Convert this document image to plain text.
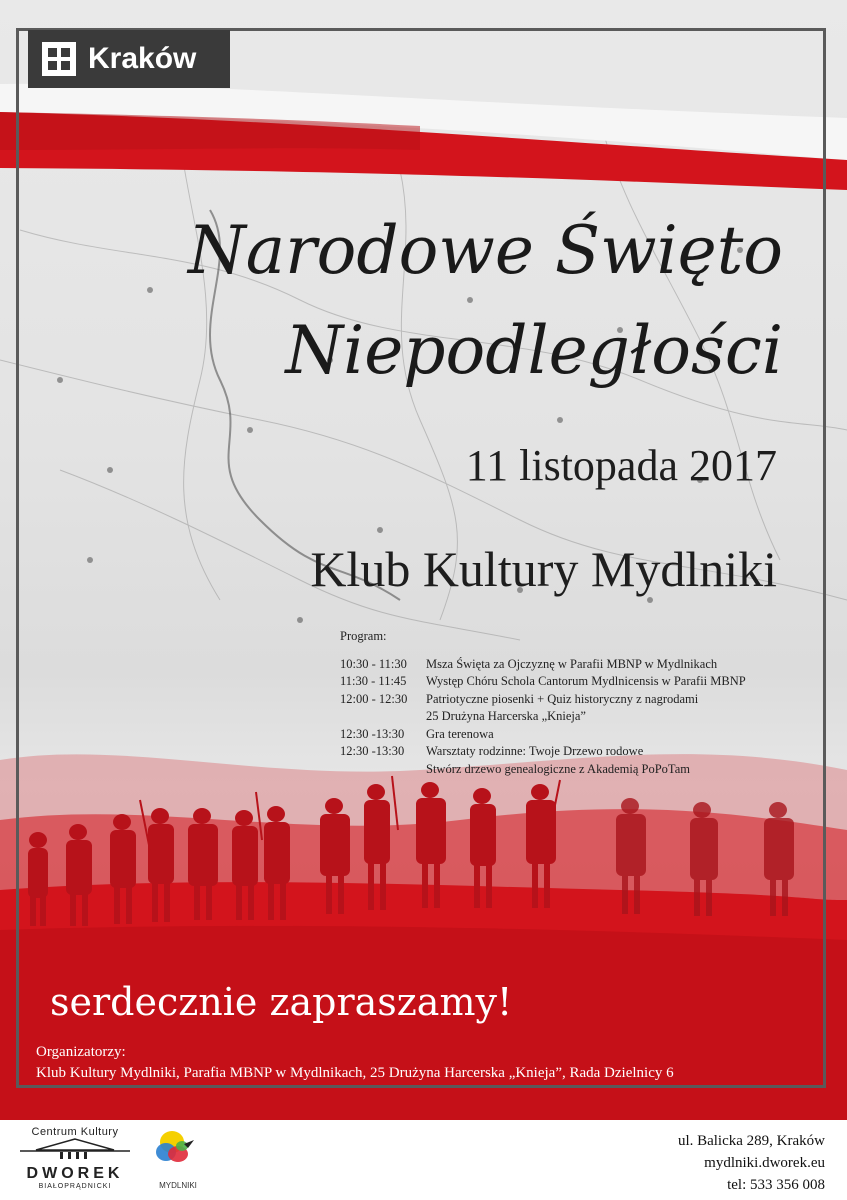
Kraków
Narodowe Święto
Niepodległości
11 listopada 2017
Klub Kultury Mydlniki
Program:
10:30 - 11:30	Msza Święta za Ojczyznę w Parafii MBNP w Mydlnikach
11:30 - 11:45	Występ Chóru Schola Cantorum Mydlnicensis w Parafii MBNP
12:00 - 12:30	Patriotyczne piosenki + Quiz historyczny z nagrodami
25 Drużyna Harcerska „Knieja”
12:30 -13:30	Gra terenowa
12:30 -13:30	Warsztaty rodzinne: Twoje Drzewo rodowe
Stwórz drzewo genealogiczne z Akademią PoPoTam
serdecznie zapraszamy!
Organizatorzy:
Klub Kultury Mydlniki, Parafia MBNP w Mydlnikach, 25 Drużyna Harcerska „Knieja”, Rada Dzielnicy 6
Centrum Kultury
DWOREK
BIAŁOPRĄDNICKI	MYDLNIKI
ul. Balicka 289, Kraków
mydlniki.dworek.eu
tel: 533 356 008
